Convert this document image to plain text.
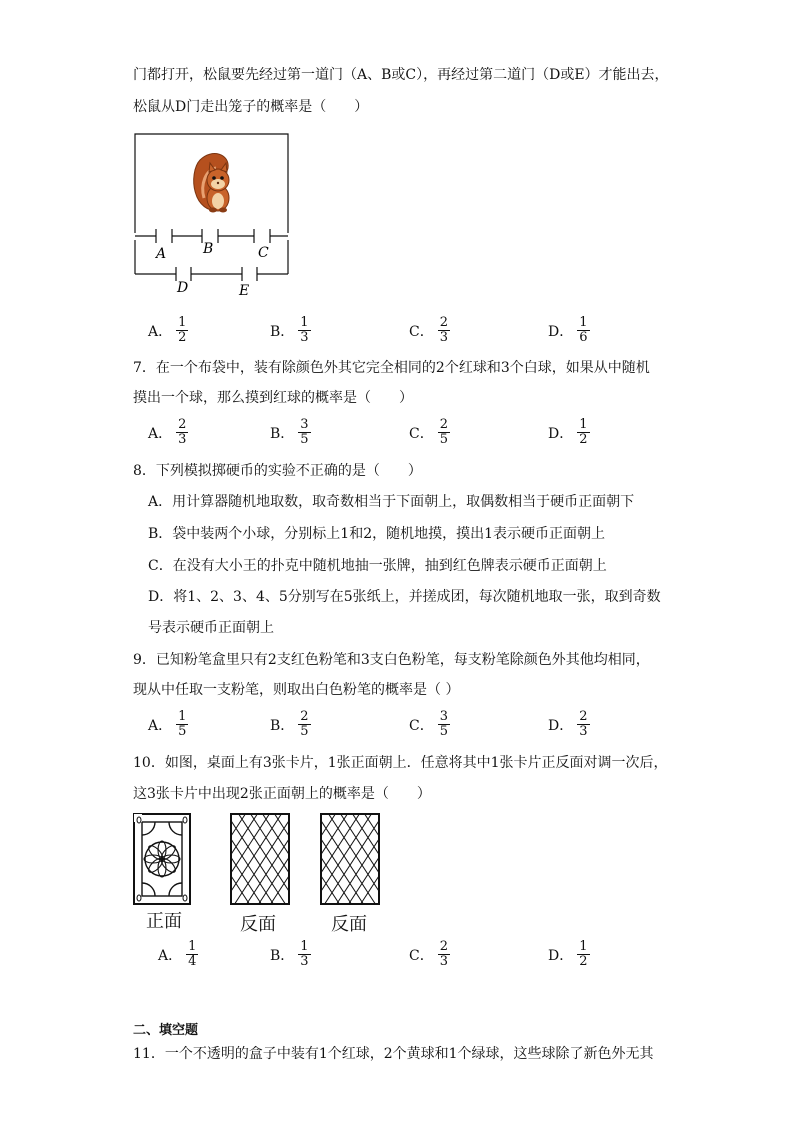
门都打开，松鼠要先经过第一道门（A、B或C），再经过第二道门（D或E）才能出去，
松鼠从D门走出笼子的概率是（　　）
A	B	C
D	E
A． $\frac{1}{2}$	B． $\frac{1}{3}$	C． $\frac{2}{3}$	D． $\frac{1}{6}$
7．在一个布袋中，装有除颜色外其它完全相同的2个红球和3个白球，如果从中随机
摸出一个球，那么摸到红球的概率是（　　）
A． $\frac{2}{3}$	B． $\frac{3}{5}$	C． $\frac{2}{5}$	D． $\frac{1}{2}$
8．下列模拟掷硬币的实验不正确的是（　　）
A．用计算器随机地取数，取奇数相当于下面朝上，取偶数相当于硬币正面朝下
B．袋中装两个小球，分别标上1和2，随机地摸，摸出1表示硬币正面朝上
C．在没有大小王的扑克中随机地抽一张牌，抽到红色牌表示硬币正面朝上
D．将1、2、3、4、5分别写在5张纸上，并搓成团，每次随机地取一张，取到奇数
号表示硬币正面朝上
9．已知粉笔盒里只有2支红色粉笔和3支白色粉笔，每支粉笔除颜色外其他均相同，
现从中任取一支粉笔，则取出白色粉笔的概率是（ ）
A． $\frac{1}{5}$	B． $\frac{2}{5}$	C． $\frac{3}{5}$	D． $\frac{2}{3}$
10．如图，桌面上有3张卡片，1张正面朝上．任意将其中1张卡片正反面对调一次后，
这3张卡片中出现2张正面朝上的概率是（　　）
正面	反面	反面
A． $\frac{1}{4}$	B． $\frac{1}{3}$	C． $\frac{2}{3}$	D． $\frac{1}{2}$
二、填空题
11．一个不透明的盒子中装有1个红球，2个黄球和1个绿球，这些球除了新色外无其
